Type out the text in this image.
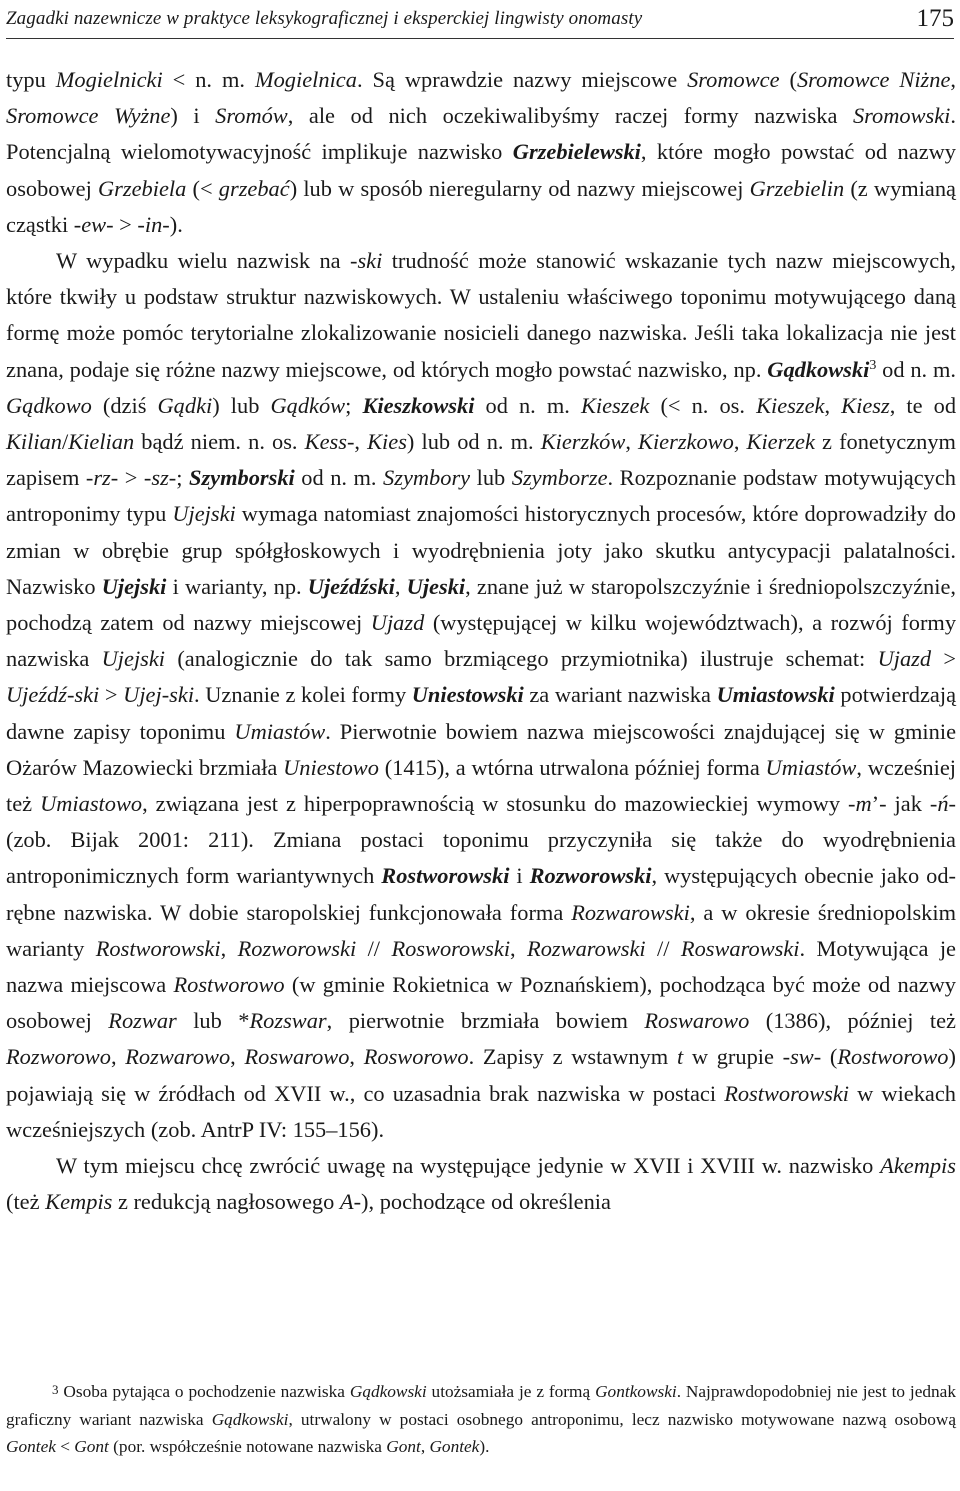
Zagadki nazewnicze w praktyce leksykograficznej i eksperckiej lingwisty onomasty	175

typu Mogielnicki < n. m. Mogielnica. Są wprawdzie nazwy miejscowe Sromowce (Sromowce Niżne, Sromowce Wyżne) i Sromów, ale od nich oczekiwalibyśmy raczej formy nazwiska Sromowski. Potencjalną wielomotywacyjność implikuje nazwisko Grzebielewski, które mogło powstać od nazwy osobowej Grzebiela (< grzebać) lub w sposób nieregularny od nazwy miejscowej Grzebielin (z wymianą cząstki -ew- > -in-).

W wypadku wielu nazwisk na -ski trudność może stanowić wskazanie tych nazw miejscowych, które tkwiły u podstaw struktur nazwiskowych. W ustaleniu właściwego toponimu motywującego daną formę może pomóc terytorialne zlokalizowanie nosicieli danego nazwiska. Jeśli taka lokalizacja nie jest znana, podaje się różne nazwy miejscowe, od których mogło powstać nazwisko, np. Gądkowski$^3$ od n. m. Gądkowo (dziś Gądki) lub Gądków; Kieszkowski od n. m. Kieszek (< n. os. Kieszek, Kiesz, te od Kilian/Kielian bądź niem. n. os. Kess-, Kies) lub od n. m. Kierzków, Kierzkowo, Kierzek z fonetycznym zapisem -rz- > -sz-; Szymborski od n. m. Szymbory lub Szymborze. Rozpoznanie podstaw motywujących antroponimy typu Ujejski wymaga natomiast znajomości historycznych procesów, które doprowadziły do zmian w obrębie grup spółgłoskowych i wyodrębnienia joty jako skutku antycypacji palatalności. Nazwisko Ujejski i warianty, np. Ujeźdźski, Ujeski, znane już w staropolszczyźnie i średniopolszczyźnie, pochodzą zatem od nazwy miejscowej Ujazd (występującej w kilku województwach), a rozwój formy nazwiska Ujejski (analogicznie do tak samo brzmiącego przymiotnika) ilustruje schemat: Ujazd > Ujeźdź-ski > Ujej-ski. Uznanie z kolei formy Uniestowski za wariant nazwiska Umiastowski potwierdzają dawne zapisy toponimu Umiastów. Pierwotnie bowiem nazwa miejscowości znajdującej się w gminie Ożarów Mazowiecki brzmiała Uniestowo (1415), a wtórna utrwalona później forma Umiastów, wcześniej też Umiastowo, związana jest z hiperpoprawnością w stosunku do mazowieckiej wymowy -m’- jak -ń- (zob. Bijak 2001: 211). Zmiana postaci toponimu przyczyniła się także do wyodrębnienia antroponimicznych form wariantywnych Rostworowski i Rozworowski, występujących obecnie jako odrębne nazwiska. W dobie staropolskiej funkcjonowała forma Rozwarowski, a w okresie średniopolskim warianty Rostworowski, Rozworowski // Rosworowski, Rozwarowski // Roswarowski. Motywująca je nazwa miejscowa Rostworowo (w gminie Rokietnica w Poznańskiem), pochodząca być może od nazwy osobowej Rozwar lub *Rozswar, pierwotnie brzmiała bowiem Roswarowo (1386), później też Rozworowo, Rozwarowo, Roswarowo, Rosworowo. Zapisy z wstawnym t w grupie -sw- (Rostworowo) pojawiają się w źródłach od XVII w., co uzasadnia brak nazwiska w postaci Rostworowski w wiekach wcześniejszych (zob. AntrP IV: 155–156).

W tym miejscu chcę zwrócić uwagę na występujące jedynie w XVII i XVIII w. nazwisko Akempis (też Kempis z redukcją nagłosowego A-), pochodzące od określenia

$^3$ Osoba pytająca o pochodzenie nazwiska Gądkowski utożsamiała je z formą Gontkowski. Najprawdopodobniej nie jest to jednak graficzny wariant nazwiska Gądkowski, utrwalony w postaci osobnego antroponimu, lecz nazwisko motywowane nazwą osobową Gontek < Gont (por. współcześnie notowane nazwiska Gont, Gontek).
